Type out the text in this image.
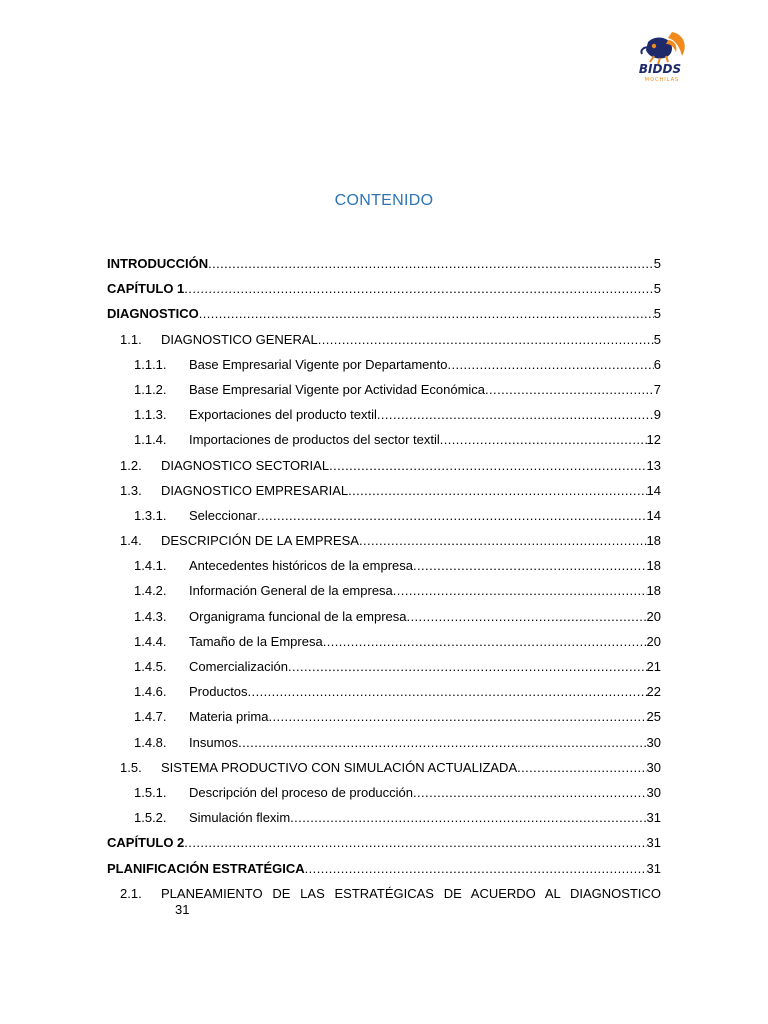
BIDDS
MOCHILAS
CONTENIDO
INTRODUCCIÓN .....	5
CAPÍTULO 1 .....	5
DIAGNOSTICO .....	5
1.1.	DIAGNOSTICO GENERAL .....	5
1.1.1.	Base Empresarial Vigente por Departamento .....	6
1.1.2.	Base Empresarial Vigente por Actividad Económica .....	7
1.1.3.	Exportaciones del producto textil .....	9
1.1.4.	Importaciones de productos del sector textil .....	12
1.2.	DIAGNOSTICO SECTORIAL .....	13
1.3.	DIAGNOSTICO EMPRESARIAL .....	14
1.3.1.	Seleccionar .....	14
1.4.	DESCRIPCIÓN DE LA EMPRESA .....	18
1.4.1.	Antecedentes históricos de la empresa .....	18
1.4.2.	Información General de la empresa .....	18
1.4.3.	Organigrama funcional de la empresa .....	20
1.4.4.	Tamaño de la Empresa .....	20
1.4.5.	Comercialización .....	21
1.4.6.	Productos .....	22
1.4.7.	Materia prima .....	25
1.4.8.	Insumos .....	30
1.5.	SISTEMA PRODUCTIVO CON SIMULACIÓN ACTUALIZADA .....	30
1.5.1.	Descripción del proceso de producción .....	30
1.5.2.	Simulación flexim .....	31
CAPÍTULO 2 .....	31
PLANIFICACIÓN ESTRATÉGICA .....	31
2.1.	PLANEAMIENTO DE LAS ESTRATÉGICAS DE ACUERDO AL DIAGNOSTICO
31
